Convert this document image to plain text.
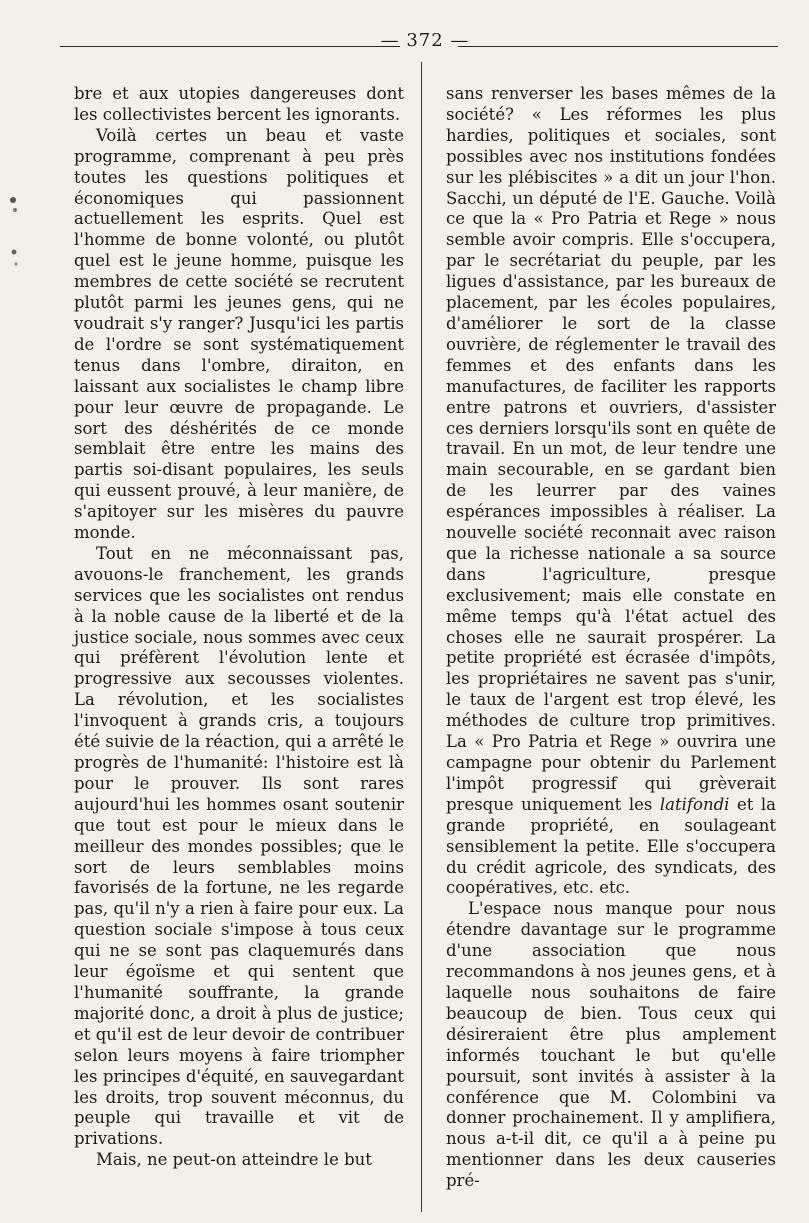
— 372 —

bre et aux utopies dangereuses dont les collectivistes bercent les ignorants.

Voilà certes un beau et vaste programme, comprenant à peu près toutes les questions politiques et économiques qui passionnent actuellement les esprits. Quel est l'homme de bonne volonté, ou plutôt quel est le jeune homme, puisque les membres de cette société se recrutent plutôt parmi les jeunes gens, qui ne voudrait s'y ranger? Jusqu'ici les partis de l'ordre se sont systématiquement tenus dans l'ombre, diraiton, en laissant aux socialistes le champ libre pour leur œuvre de propagande. Le sort des déshérités de ce monde semblait être entre les mains des partis soi-disant populaires, les seuls qui eussent prouvé, à leur manière, de s'apitoyer sur les misères du pauvre monde.

Tout en ne méconnaissant pas, avouons-le franchement, les grands services que les socialistes ont rendus à la noble cause de la liberté et de la justice sociale, nous sommes avec ceux qui préfèrent l'évolution lente et progressive aux secousses violentes. La révolution, et les socialistes l'invoquent à grands cris, a toujours été suivie de la réaction, qui a arrêté le progrès de l'humanité: l'histoire est là pour le prouver. Ils sont rares aujourd'hui les hommes osant soutenir que tout est pour le mieux dans le meilleur des mondes possibles; que le sort de leurs semblables moins favorisés de la fortune, ne les regarde pas, qu'il n'y a rien à faire pour eux. La question sociale s'impose à tous ceux qui ne se sont pas claquemurés dans leur égoïsme et qui sentent que l'humanité souffrante, la grande majorité donc, a droit à plus de justice; et qu'il est de leur devoir de contribuer selon leurs moyens à faire triompher les principes d'équité, en sauvegardant les droits, trop souvent méconnus, du peuple qui travaille et vit de privations.

Mais, ne peut-on atteindre le but

sans renverser les bases mêmes de la société? « Les réformes les plus hardies, politiques et sociales, sont possibles avec nos institutions fondées sur les plébiscites » a dit un jour l'hon. Sacchi, un député de l'E. Gauche. Voilà ce que la « Pro Patria et Rege » nous semble avoir compris. Elle s'occupera, par le secrétariat du peuple, par les ligues d'assistance, par les bureaux de placement, par les écoles populaires, d'améliorer le sort de la classe ouvrière, de réglementer le travail des femmes et des enfants dans les manufactures, de faciliter les rapports entre patrons et ouvriers, d'assister ces derniers lorsqu'ils sont en quête de travail. En un mot, de leur tendre une main secourable, en se gardant bien de les leurrer par des vaines espérances impossibles à réaliser. La nouvelle société reconnait avec raison que la richesse nationale a sa source dans l'agriculture, presque exclusivement; mais elle constate en même temps qu'à l'état actuel des choses elle ne saurait prospérer. La petite propriété est écrasée d'impôts, les propriétaires ne savent pas s'unir, le taux de l'argent est trop élevé, les méthodes de culture trop primitives. La « Pro Patria et Rege » ouvrira une campagne pour obtenir du Parlement l'impôt progressif qui grèverait presque uniquement les latifondi et la grande propriété, en soulageant sensiblement la petite. Elle s'occupera du crédit agricole, des syndicats, des coopératives, etc. etc.

L'espace nous manque pour nous étendre davantage sur le programme d'une association que nous recommandons à nos jeunes gens, et à laquelle nous souhaitons de faire beaucoup de bien. Tous ceux qui désireraient être plus amplement informés touchant le but qu'elle poursuit, sont invités à assister à la conférence que M. Colombini va donner prochainement. Il y amplifiera, nous a-t-il dit, ce qu'il a à peine pu mentionner dans les deux causeries pré-
